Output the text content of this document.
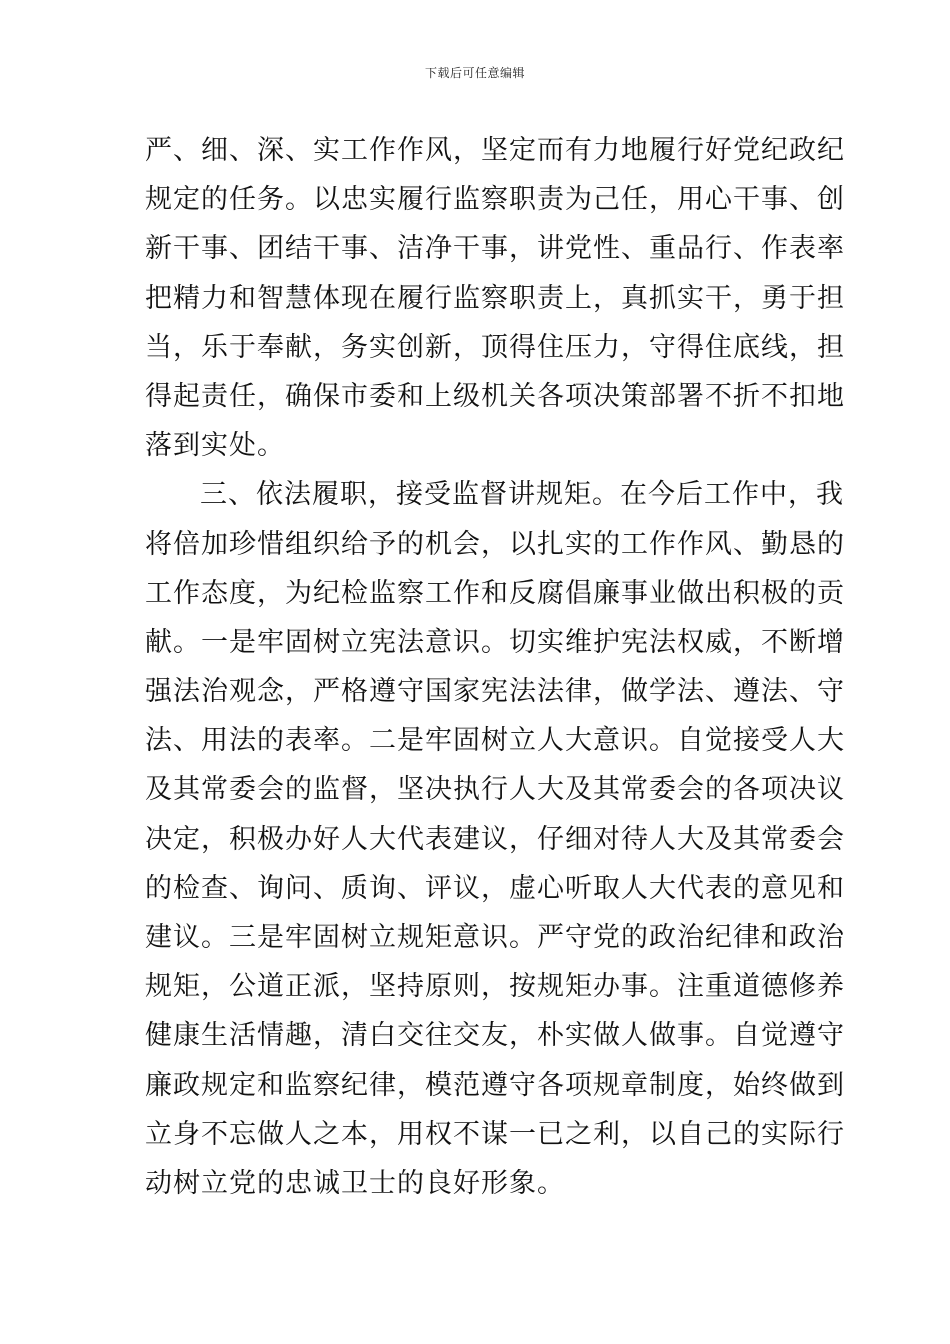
下载后可任意编辑
严、细、深、实工作作风，坚定而有力地履行好党纪政纪
规定的任务。以忠实履行监察职责为己任，用心干事、创
新干事、团结干事、洁净干事，讲党性、重品行、作表率
把精力和智慧体现在履行监察职责上，真抓实干，勇于担
当，乐于奉献，务实创新，顶得住压力，守得住底线，担
得起责任，确保市委和上级机关各项决策部署不折不扣地
落到实处。
三、依法履职，接受监督讲规矩。在今后工作中，我
将倍加珍惜组织给予的机会，以扎实的工作作风、勤恳的
工作态度，为纪检监察工作和反腐倡廉事业做出积极的贡
献。一是牢固树立宪法意识。切实维护宪法权威，不断增
强法治观念，严格遵守国家宪法法律，做学法、遵法、守
法、用法的表率。二是牢固树立人大意识。自觉接受人大
及其常委会的监督，坚决执行人大及其常委会的各项决议
决定，积极办好人大代表建议，仔细对待人大及其常委会
的检查、询问、质询、评议，虚心听取人大代表的意见和
建议。三是牢固树立规矩意识。严守党的政治纪律和政治
规矩，公道正派，坚持原则，按规矩办事。注重道德修养
健康生活情趣，清白交往交友，朴实做人做事。自觉遵守
廉政规定和监察纪律，模范遵守各项规章制度，始终做到
立身不忘做人之本，用权不谋一已之利，以自己的实际行
动树立党的忠诚卫士的良好形象。
